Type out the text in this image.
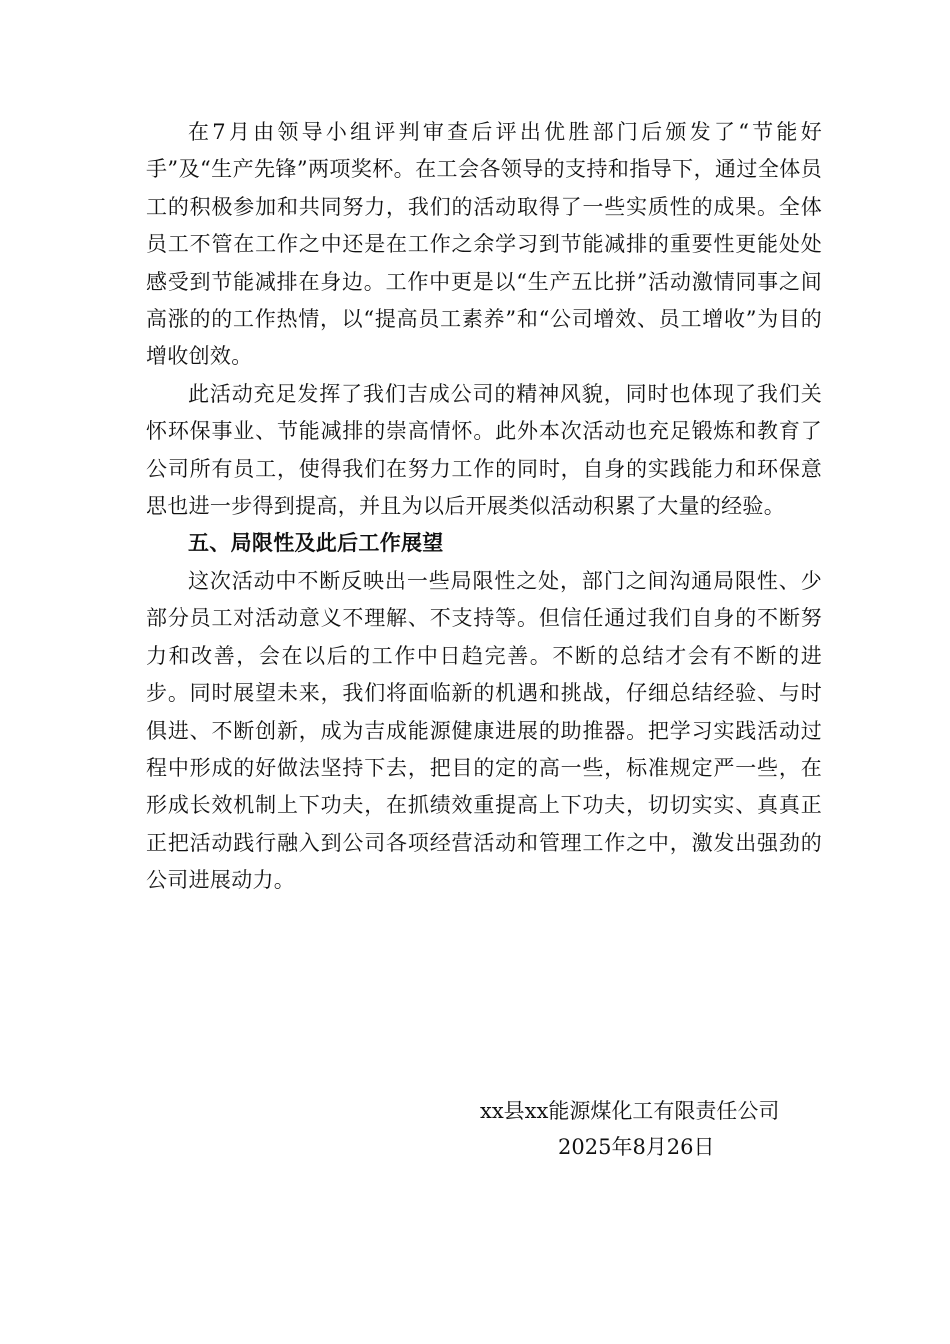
在7月由领导小组评判审查后评出优胜部门后颁发了“节能好手”及“生产先锋”两项奖杯。在工会各领导的支持和指导下，通过全体员工的积极参加和共同努力，我们的活动取得了一些实质性的成果。全体员工不管在工作之中还是在工作之余学习到节能减排的重要性更能处处感受到节能减排在身边。工作中更是以“生产五比拼”活动激情同事之间高涨的的工作热情，以“提高员工素养”和“公司增效、员工增收”为目的增收创效。

此活动充足发挥了我们吉成公司的精神风貌，同时也体现了我们关怀环保事业、节能减排的崇高情怀。此外本次活动也充足锻炼和教育了公司所有员工，使得我们在努力工作的同时，自身的实践能力和环保意思也进一步得到提高，并且为以后开展类似活动积累了大量的经验。

五、局限性及此后工作展望

这次活动中不断反映出一些局限性之处，部门之间沟通局限性、少部分员工对活动意义不理解、不支持等。但信任通过我们自身的不断努力和改善，会在以后的工作中日趋完善。不断的总结才会有不断的进步。同时展望未来，我们将面临新的机遇和挑战，仔细总结经验、与时俱进、不断创新，成为吉成能源健康进展的助推器。把学习实践活动过程中形成的好做法坚持下去，把目的定的高一些，标准规定严一些，在形成长效机制上下功夫，在抓绩效重提高上下功夫，切切实实、真真正正把活动践行融入到公司各项经营活动和管理工作之中，激发出强劲的公司进展动力。

xx县xx能源煤化工有限责任公司
2025年8月26日
